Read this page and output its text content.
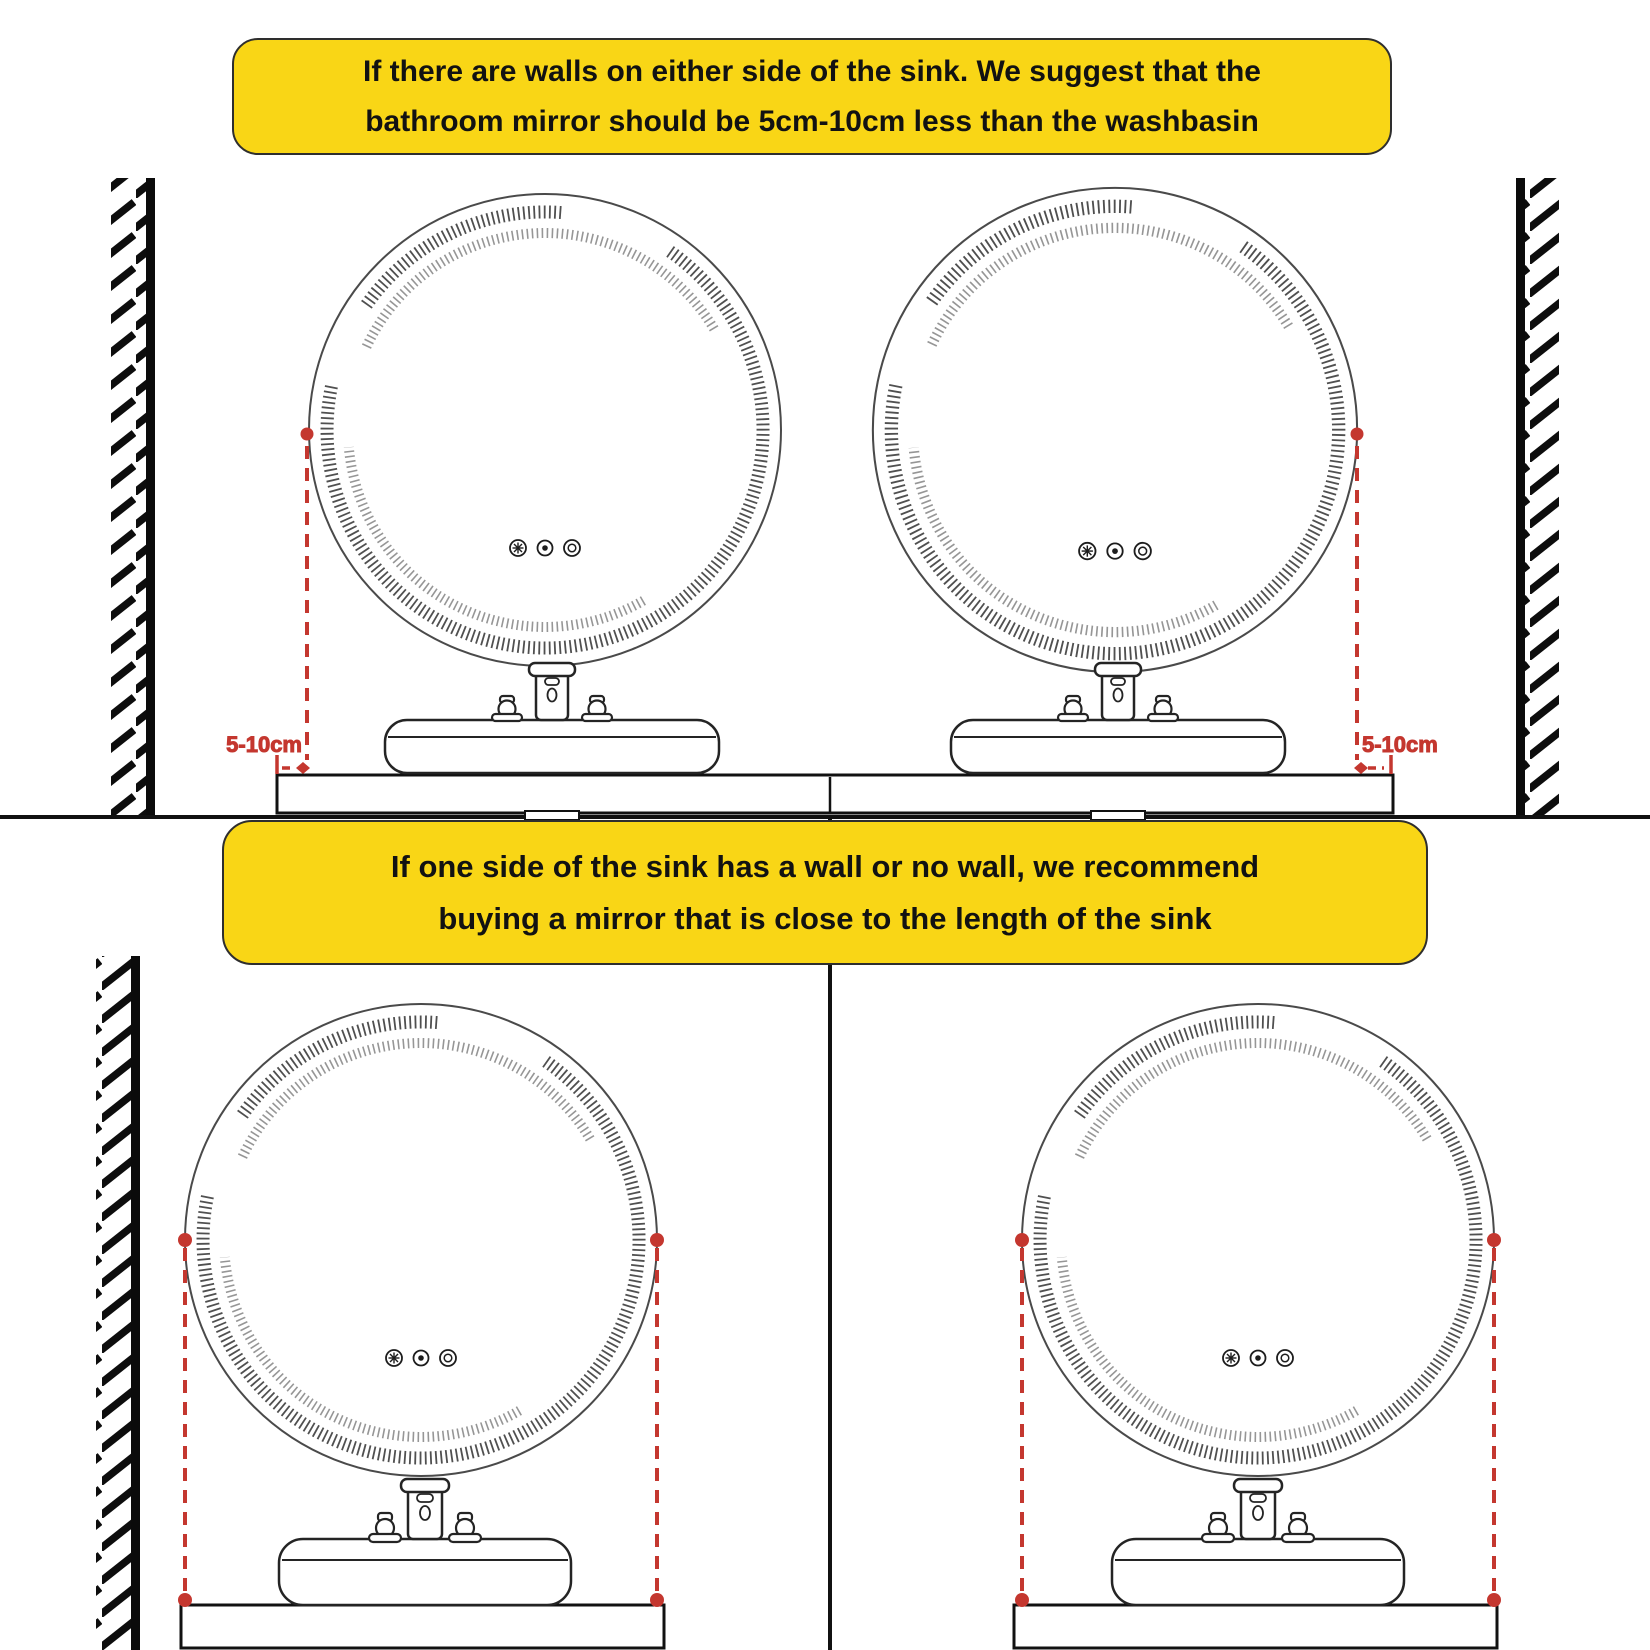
5-10cm	5-10cm
If there are walls on either side of the sink. We suggest that the
bathroom mirror should be 5cm-10cm less than the washbasin
If one side of the sink has a wall or no wall, we recommend
buying a mirror that is close to the length of the sink
